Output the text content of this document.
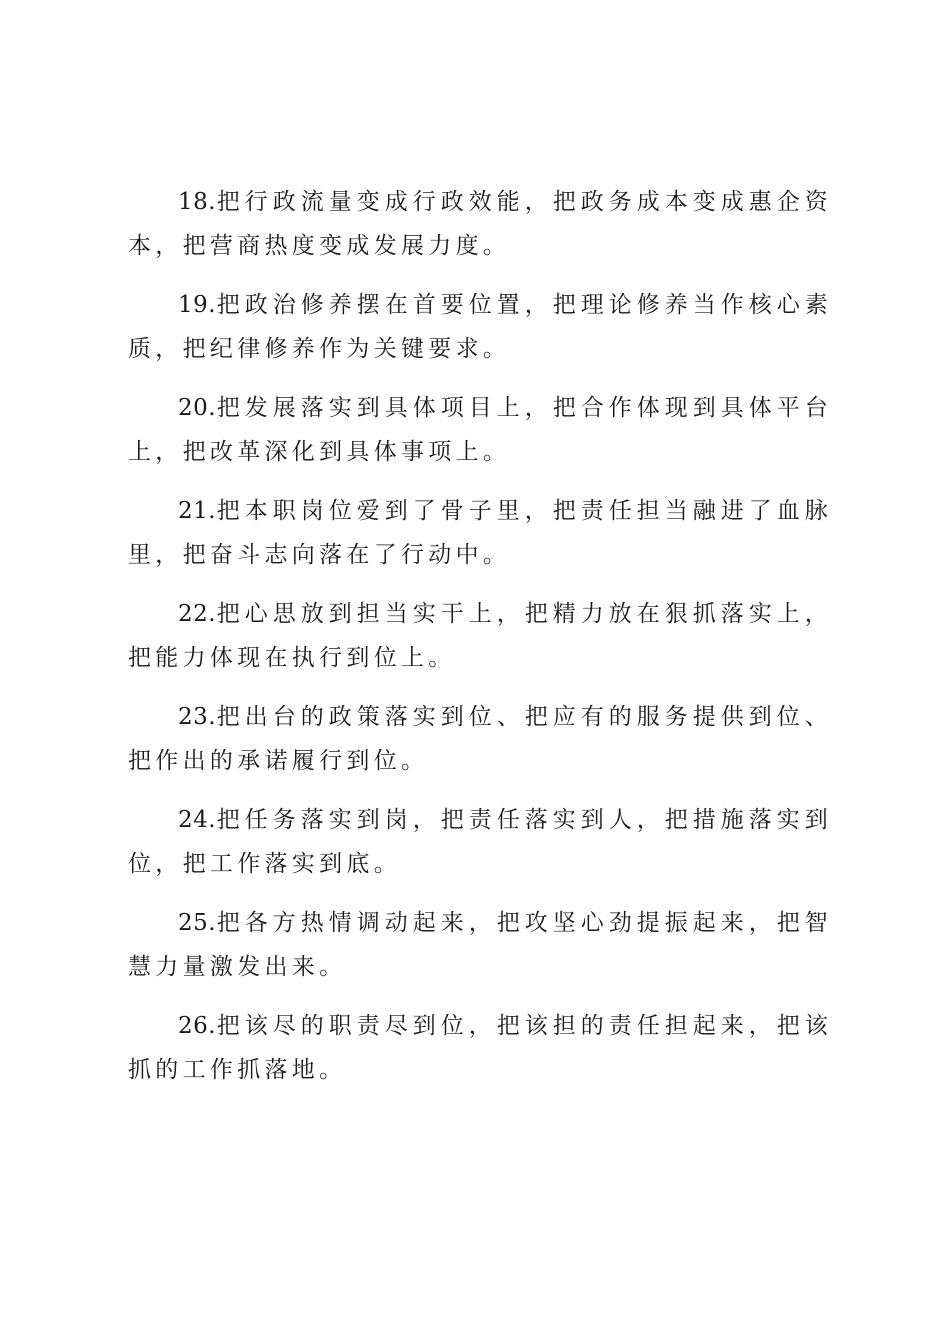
18.把行政流量变成行政效能，把政务成本变成惠企资本，把营商热度变成发展力度。

19.把政治修养摆在首要位置，把理论修养当作核心素质，把纪律修养作为关键要求。

20.把发展落实到具体项目上，把合作体现到具体平台上，把改革深化到具体事项上。

21.把本职岗位爱到了骨子里，把责任担当融进了血脉里，把奋斗志向落在了行动中。

22.把心思放到担当实干上，把精力放在狠抓落实上，把能力体现在执行到位上。

23.把出台的政策落实到位、把应有的服务提供到位、把作出的承诺履行到位。

24.把任务落实到岗，把责任落实到人，把措施落实到位，把工作落实到底。

25.把各方热情调动起来，把攻坚心劲提振起来，把智慧力量激发出来。

26.把该尽的职责尽到位，把该担的责任担起来，把该抓的工作抓落地。
